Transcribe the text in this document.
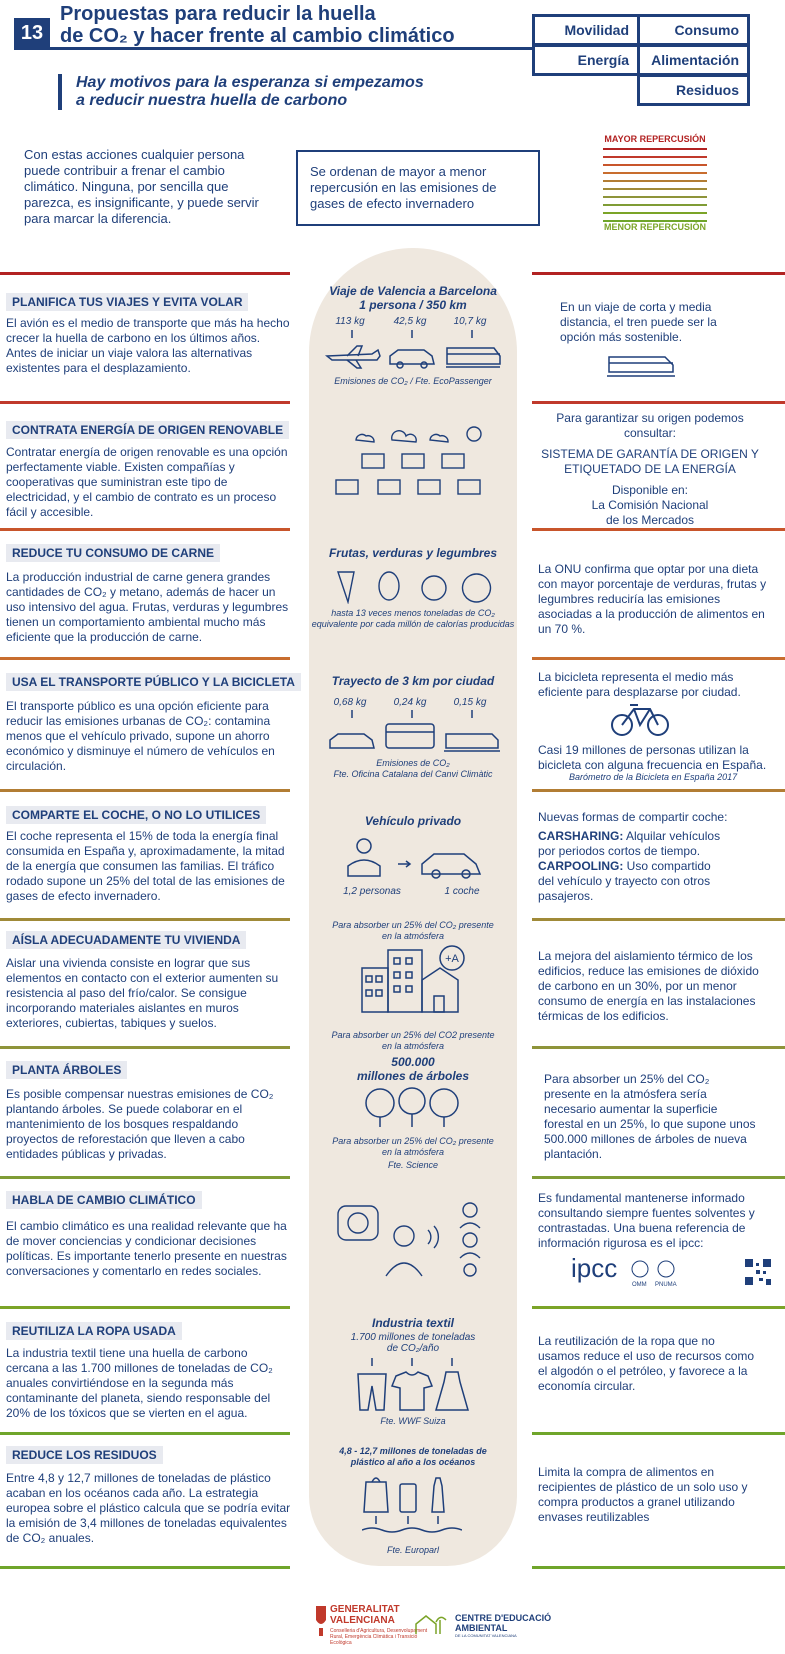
13
Propuestas para reducir la huella
de CO₂ y hacer frente al cambio climático	Movilidad	Consumo
Energía	Alimentación
Residuos
Hay motivos para la esperanza si empezamos
a reducir nuestra huella de carbono
Con estas acciones cualquier persona puede contribuir a frenar el cambio climático. Ninguna, por sencilla que parezca, es insignificante, y puede servir para marcar la diferencia.
Se ordenan de mayor a menor repercusión en las emisiones de gases de efecto invernadero
MAYOR REPERCUSIÓN
MENOR REPERCUSIÓN
PLANIFICA TUS VIAJES Y EVITA VOLAR
El avión es el medio de transporte que más ha hecho crecer la huella de carbono en los últimos años. Antes de iniciar un viaje valora las alternativas existentes para el desplazamiento.
Viaje de Valencia a Barcelona
1 persona / 350 km
113 kg	42,5 kg	10,7 kg
Emisiones de CO₂ / Fte. EcoPassenger
En un viaje de corta y media distancia, el tren puede ser la opción más sostenible.
CONTRATA ENERGÍA DE ORIGEN RENOVABLE
Contratar energía de origen renovable es una opción perfectamente viable. Existen compañías y cooperativas que suministran este tipo de electricidad, y el cambio de contrato es un proceso fácil y accesible.
Para garantizar su origen podemos consultar:
SISTEMA DE GARANTÍA DE ORIGEN Y ETIQUETADO DE LA ENERGÍA
Disponible en:
La Comisión Nacional
de los Mercados
REDUCE TU CONSUMO DE CARNE
La producción industrial de carne genera grandes cantidades de CO₂ y metano, además de hacer un uso intensivo del agua. Frutas, verduras y legumbres tienen un comportamiento ambiental mucho más eficiente que la producción de carne.
Frutas, verduras y legumbres
hasta 13 veces menos toneladas de CO₂ equivalente por cada millón de calorías producidas
La ONU confirma que optar por una dieta con mayor porcentaje de verduras, frutas y legumbres reduciría las emisiones asociadas a la producción de alimentos en un 70 %.
USA EL TRANSPORTE PÚBLICO Y LA BICICLETA
El transporte público es una opción eficiente para reducir las emisiones urbanas de CO₂: contamina menos que el vehículo privado, supone un ahorro económico y disminuye el número de vehículos en circulación.
Trayecto de 3 km por ciudad
0,68 kg	0,24 kg	0,15 kg
Emisiones de CO₂
Fte. Oficina Catalana del Canvi Climàtic
La bicicleta representa el medio más eficiente para desplazarse por ciudad.
Casi 19 millones de personas utilizan la bicicleta con alguna frecuencia en España.
Barómetro de la Bicicleta en España 2017
COMPARTE EL COCHE, O NO LO UTILICES
El coche representa el 15% de toda la energía final consumida en España y, aproximadamente, la mitad de la energía que consumen las familias. El tráfico rodado supone un 25% del total de las emisiones de gases de efecto invernadero.
Vehículo privado
1,2 personas	1 coche
Nuevas formas de compartir coche:
CARSHARING: Alquilar vehículos por periodos cortos de tiempo.
CARPOOLING: Uso compartido del vehículo y trayecto con otros pasajeros.
AÍSLA ADECUADAMENTE TU VIVIENDA
Aislar una vivienda consiste en lograr que sus elementos en contacto con el exterior aumenten su resistencia al paso del frío/calor. Se consigue incorporando materiales aislantes en muros exteriores, cubiertas, tabiques y suelos.
Para absorber un 25% del CO₂ presente en la atmósfera
+A	La mejora del aislamiento térmico de los edificios, reduce las emisiones de dióxido de carbono en un 30%, por un menor consumo de energía en las instalaciones térmicas de los edificios.
PLANTA ÁRBOLES
Es posible compensar nuestras emisiones de CO₂ plantando árboles. Se puede colaborar en el mantenimiento de los bosques respaldando proyectos de reforestación que lleven a cabo entidades públicas y privadas.
Para absorber un 25% del CO2 presente en la atmósfera
500.000
millones de árboles
Para absorber un 25% del CO₂ presente en la atmósfera
Fte. Science
Para absorber un 25% del CO₂ presente en la atmósfera sería necesario aumentar la superficie forestal en un 25%, lo que supone unos 500.000 millones de árboles de nueva plantación.
HABLA DE CAMBIO CLIMÁTICO
El cambio climático es una realidad relevante que ha de mover conciencias y condicionar decisiones políticas. Es importante tenerlo presente en nuestras conversaciones y comentarlo en redes sociales.
Es fundamental mantenerse informado consultando siempre fuentes solventes y contrastadas. Una buena referencia de información rigurosa es el ipcc:
ipcc
OMM PNUMA
REUTILIZA LA ROPA USADA
La industria textil tiene una huella de carbono cercana a las 1.700 millones de toneladas de CO₂ anuales convirtiéndose en la segunda más contaminante del planeta, siendo responsable del 20% de los tóxicos que se vierten en el agua.
Industria textil
1.700 millones de toneladas de CO₂/año
Fte. WWF Suiza
La reutilización de la ropa que no usamos reduce el uso de recursos como el algodón o el petróleo, y favorece a la economía circular.
REDUCE LOS RESIDUOS
Entre 4,8 y 12,7 millones de toneladas de plástico acaban en los océanos cada año. La estrategia europea sobre el plástico calcula que se podría evitar la emisión de 3,4 millones de toneladas equivalentes de CO₂ anuales.
4,8 - 12,7 millones de toneladas de plástico al año a los océanos
Fte. Europarl
Limita la compra de alimentos en recipientes de plástico de un solo uso y compra productos a granel utilizando envases reutilizables
GENERALITAT VALENCIANA
Conselleria d'Agricultura, Desenvolupament Rural, Emergència Climàtica i Transició Ecològica
CENTRE D'EDUCACIÓ AMBIENTAL
DE LA COMUNITAT VALENCIANA
